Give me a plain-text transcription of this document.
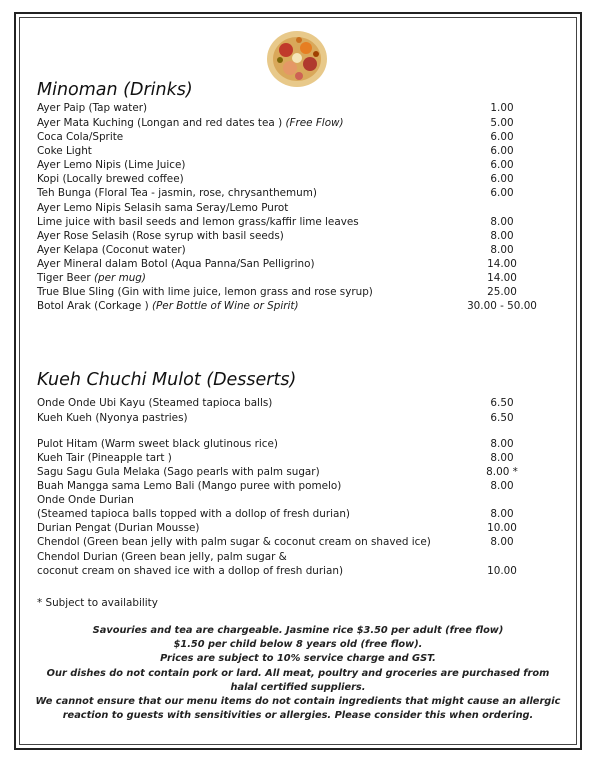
Minoman (Drinks)
Ayer Paip (Tap water)	1.00
Ayer Mata Kuching (Longan and red dates tea ) (Free Flow)	5.00
Coca Cola/Sprite	6.00
Coke Light	6.00
Ayer Lemo Nipis (Lime Juice)	6.00
Kopi (Locally brewed coffee)	6.00
Teh Bunga (Floral Tea - jasmin, rose, chrysanthemum)	6.00
Ayer Lemo Nipis Selasih sama Seray/Lemo Purot
Lime juice with basil seeds and lemon grass/kaffir lime leaves	8.00
Ayer Rose Selasih (Rose syrup with basil seeds)	8.00
Ayer Kelapa (Coconut water)	8.00
Ayer Mineral dalam Botol (Aqua Panna/San Pelligrino)	14.00
Tiger Beer (per mug)	14.00
True Blue Sling (Gin with lime juice, lemon grass and rose syrup)	25.00
Botol Arak (Corkage ) (Per Bottle of Wine or Spirit)	30.00 - 50.00
Kueh Chuchi Mulot (Desserts)
Onde Onde Ubi Kayu (Steamed tapioca balls)	6.50
Kueh Kueh (Nyonya pastries)	6.50
Pulot Hitam (Warm sweet black glutinous rice)	8.00
Kueh Tair (Pineapple tart )	8.00
Sagu Sagu Gula Melaka (Sago pearls with palm sugar)	8.00 *
Buah Mangga sama Lemo Bali (Mango puree with pomelo)	8.00
Onde Onde Durian
(Steamed tapioca balls topped with a dollop of fresh durian)	8.00
Durian Pengat (Durian Mousse)	10.00
Chendol (Green bean jelly with palm sugar & coconut cream on shaved ice)	8.00
Chendol Durian (Green bean jelly, palm sugar &
coconut cream on shaved ice with a dollop of fresh durian)	10.00
* Subject to availability
Savouries and tea are chargeable. Jasmine rice $3.50 per adult (free flow)
$1.50 per child below 8 years old (free flow).
Prices are subject to 10% service charge and GST.
Our dishes do not contain pork or lard. All meat, poultry and groceries are purchased from
halal certified suppliers.
We cannot ensure that our menu items do not contain ingredients that might cause an allergic
reaction to guests with sensitivities or allergies. Please consider this when ordering.
